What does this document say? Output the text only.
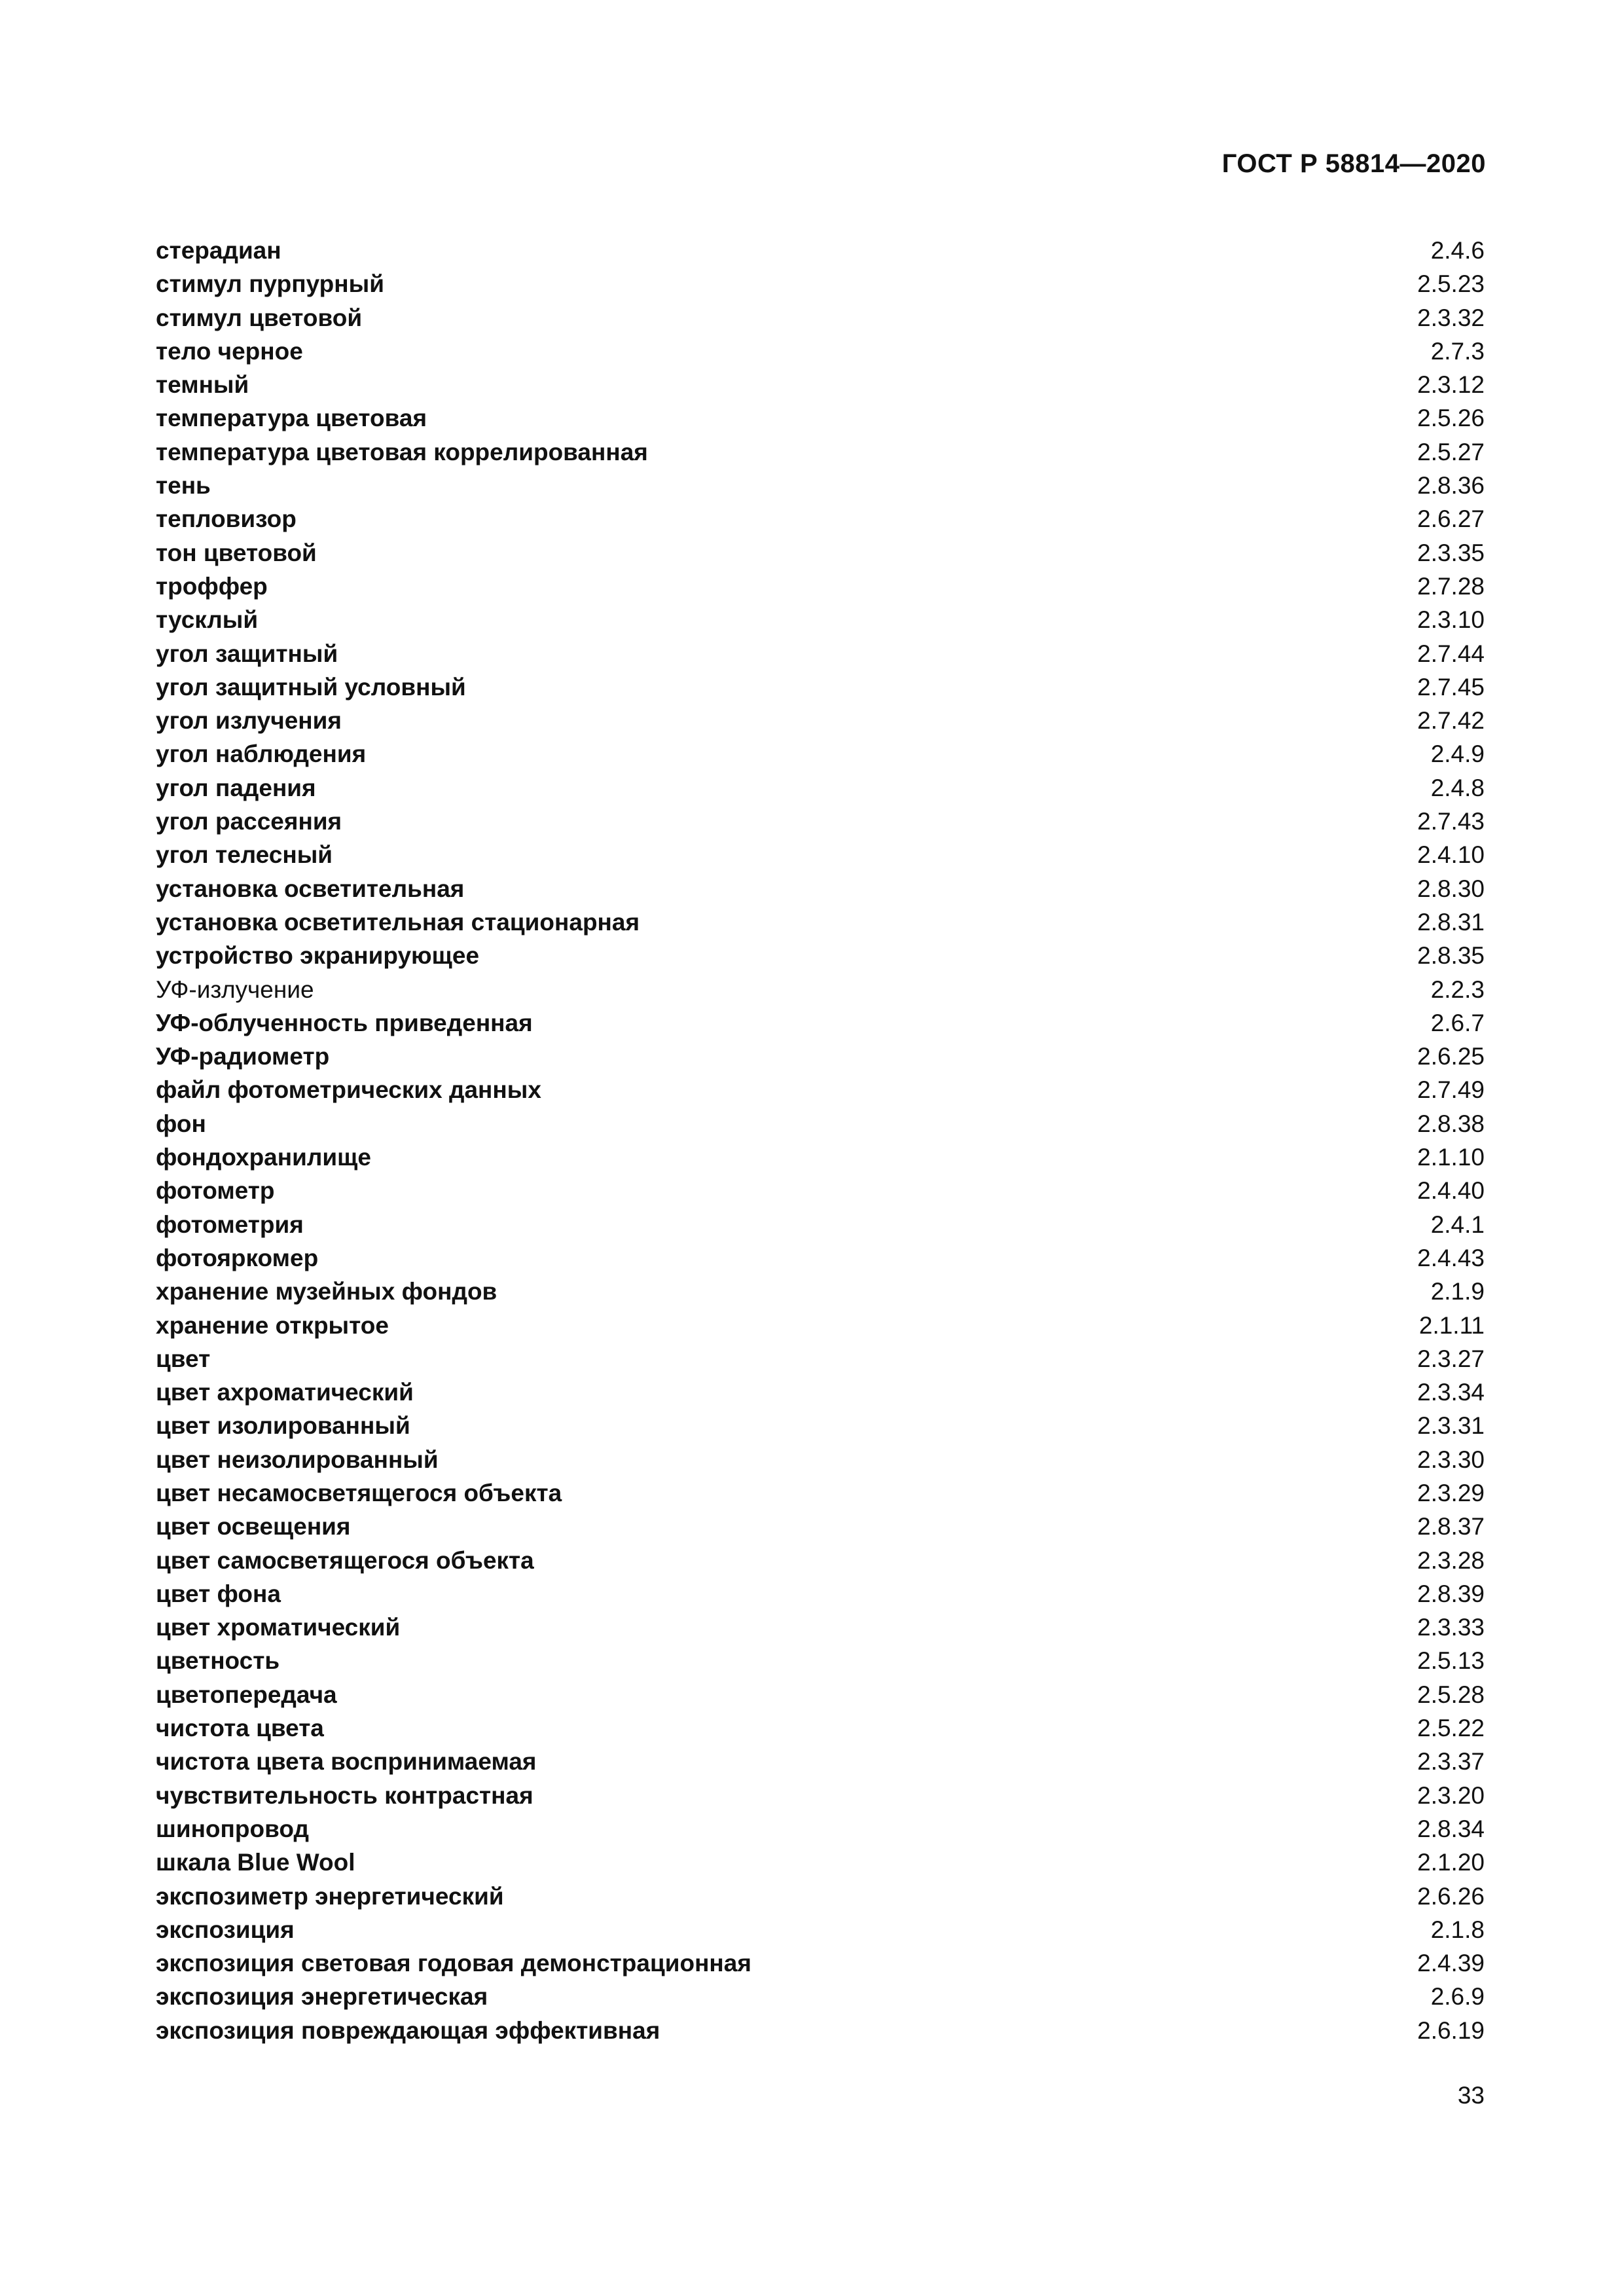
ГОСТ Р 58814—2020
стерадиан	2.4.6
стимул пурпурный	2.5.23
стимул цветовой	2.3.32
тело черное	2.7.3
темный	2.3.12
температура цветовая	2.5.26
температура цветовая коррелированная	2.5.27
тень	2.8.36
тепловизор	2.6.27
тон цветовой	2.3.35
троффер	2.7.28
тусклый	2.3.10
угол защитный	2.7.44
угол защитный условный	2.7.45
угол излучения	2.7.42
угол наблюдения	2.4.9
угол падения	2.4.8
угол рассеяния	2.7.43
угол телесный	2.4.10
установка осветительная	2.8.30
установка осветительная стационарная	2.8.31
устройство экранирующее	2.8.35
УФ-излучение	2.2.3
УФ-облученность приведенная	2.6.7
УФ-радиометр	2.6.25
файл фотометрических данных	2.7.49
фон	2.8.38
фондохранилище	2.1.10
фотометр	2.4.40
фотометрия	2.4.1
фотояркомер	2.4.43
хранение музейных фондов	2.1.9
хранение открытое	2.1.11
цвет	2.3.27
цвет ахроматический	2.3.34
цвет изолированный	2.3.31
цвет неизолированный	2.3.30
цвет несамосветящегося объекта	2.3.29
цвет освещения	2.8.37
цвет самосветящегося объекта	2.3.28
цвет фона	2.8.39
цвет хроматический	2.3.33
цветность	2.5.13
цветопередача	2.5.28
чистота цвета	2.5.22
чистота цвета воспринимаемая	2.3.37
чувствительность контрастная	2.3.20
шинопровод	2.8.34
шкала Blue Wool	2.1.20
экспозиметр энергетический	2.6.26
экспозиция	2.1.8
экспозиция световая годовая демонстрационная	2.4.39
экспозиция энергетическая	2.6.9
экспозиция повреждающая эффективная	2.6.19
33
